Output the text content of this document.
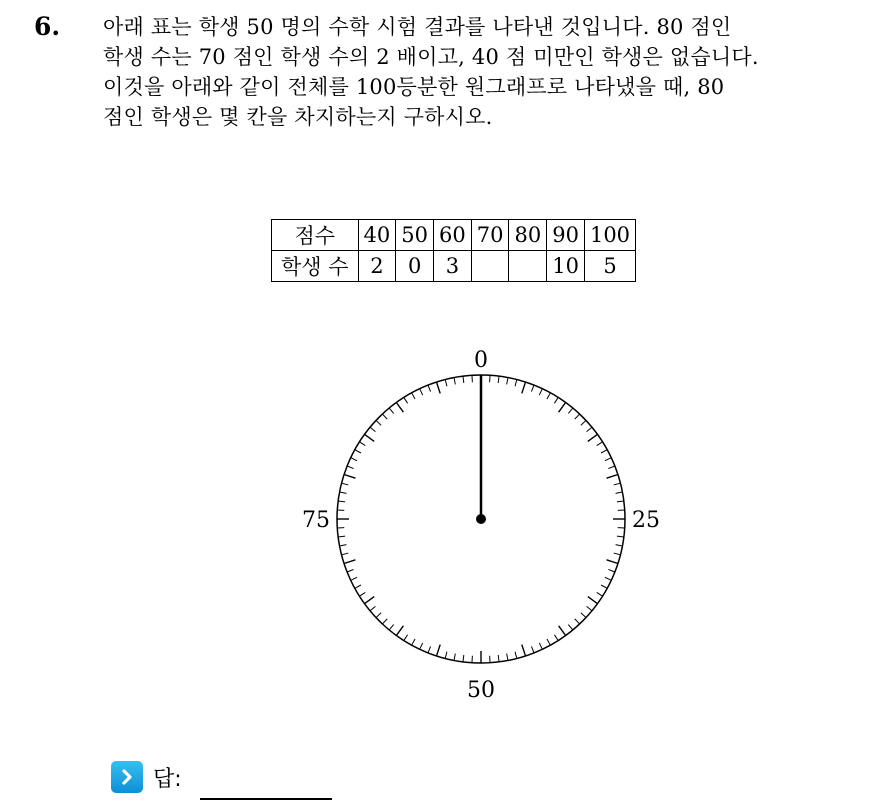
6. 아래 표는 학생 50 명의 수학 시험 결과를 나타낸 것입니다. 80 점인
학생 수는 70 점인 학생 수의 2 배이고, 40 점 미만인 학생은 없습니다.
이것을 아래와 같이 전체를 100등분한 원그래프로 나타냈을 때, 80
점인 학생은 몇 칸을 차지하는지 구하시오.
점수	40	50	60	70	80	90	100
학생 수	2	0	3			10	5
0
25
50
75
답:
